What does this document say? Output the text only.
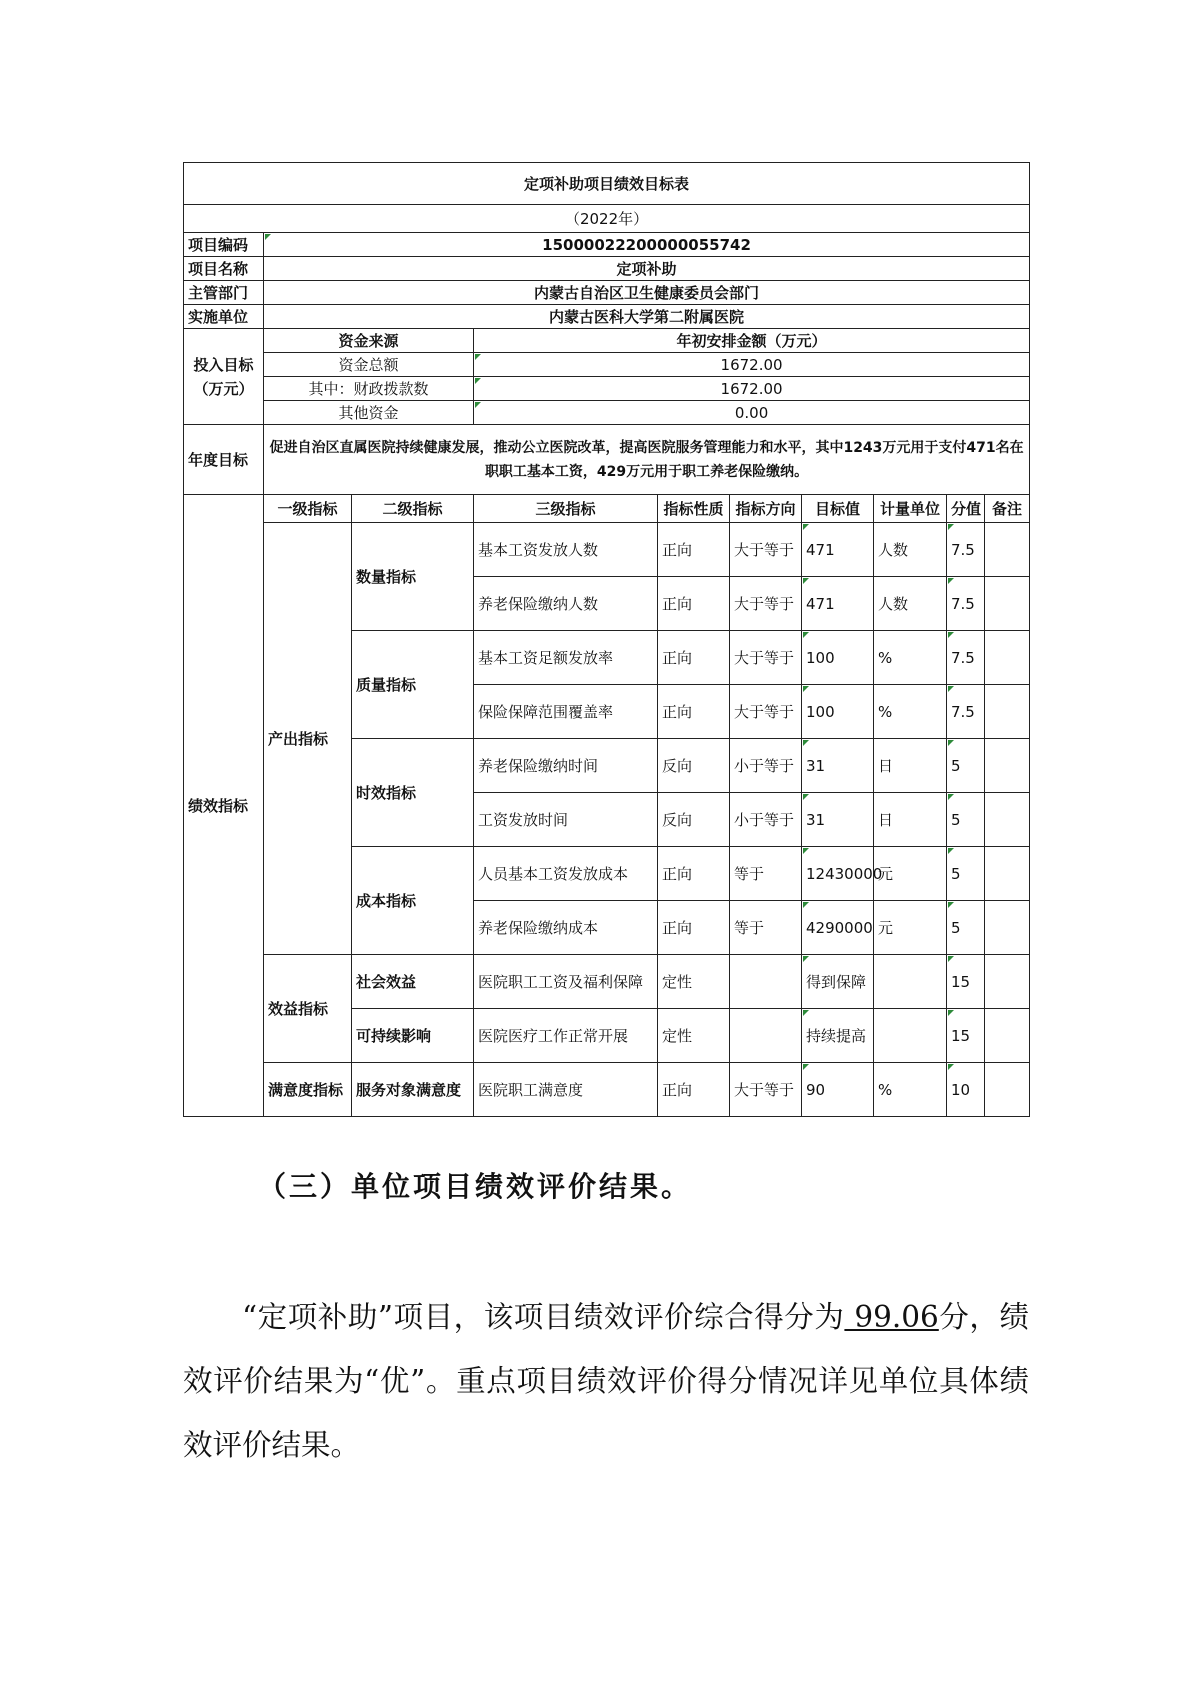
定项补助项目绩效目标表									
（2022年）									
项目编码	15000022200000055742								
项目名称	定项补助								
主管部门	内蒙古自治区卫生健康委员会部门								
实施单位	内蒙古医科大学第二附属医院								
投入目标（万元）	资金来源		年初安排金额（万元）						
	资金总额		1672.00						
	其中：财政拨款数		1672.00						
	其他资金		0.00						
年度目标	促进自治区直属医院持续健康发展，推动公立医院改革，提高医院服务管理能力和水平，其中1243万元用于支付471名在职职工基本工资，429万元用于职工养老保险缴纳。								
绩效指标	一级指标	二级指标	三级指标	指标性质	指标方向	目标值	计量单位	分值	备注
	产出指标	数量指标	基本工资发放人数	正向	大于等于	471	人数	7.5	
			养老保险缴纳人数	正向	大于等于	471	人数	7.5	
		质量指标	基本工资足额发放率	正向	大于等于	100	%	7.5	
			保险保障范围覆盖率	正向	大于等于	100	%	7.5	
		时效指标	养老保险缴纳时间	反向	小于等于	31	日	5	
			工资发放时间	反向	小于等于	31	日	5	
		成本指标	人员基本工资发放成本	正向	等于	12430000	元	5	
			养老保险缴纳成本	正向	等于	4290000	元	5	
	效益指标	社会效益	医院职工工资及福利保障	定性		得到保障		15	
		可持续影响	医院医疗工作正常开展	定性		持续提高		15	
	满意度指标	服务对象满意度	医院职工满意度	正向	大于等于	90	%	10	
（三）单位项目绩效评价结果。

“定项补助”项目，该项目绩效评价综合得分为 99.06分，绩效评价结果为“优”。重点项目绩效评价得分情况详见单位具体绩效评价结果。
